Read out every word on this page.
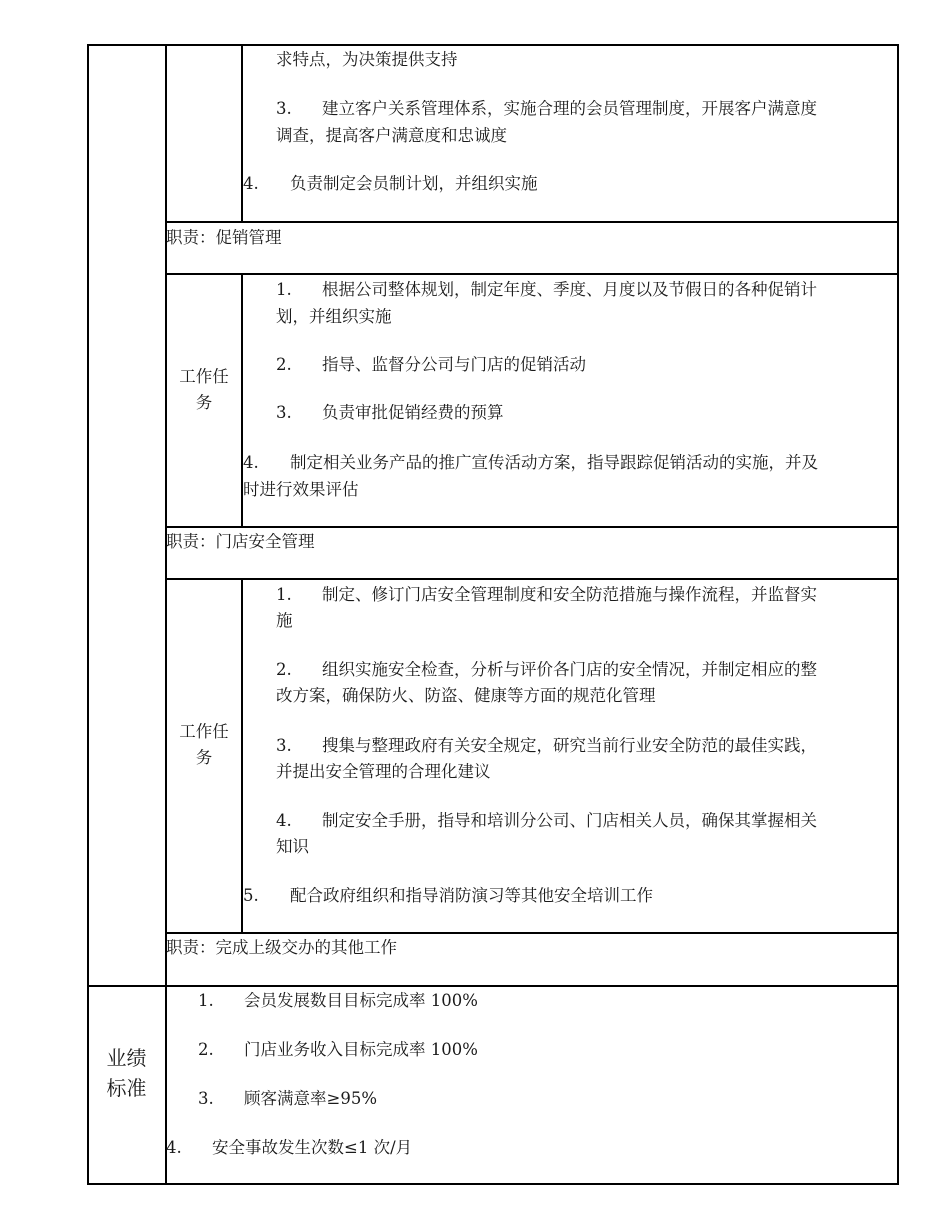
求特点，为决策提供支持
3. 建立客户关系管理体系，实施合理的会员管理制度，开展客户满意度
调查，提高客户满意度和忠诚度
4. 负责制定会员制计划，并组织实施
职责：促销管理
工作任
务
1. 根据公司整体规划，制定年度、季度、月度以及节假日的各种促销计
划，并组织实施
2. 指导、监督分公司与门店的促销活动
3. 负责审批促销经费的预算
4. 制定相关业务产品的推广宣传活动方案，指导跟踪促销活动的实施，并及
时进行效果评估
职责：门店安全管理
工作任
务
1. 制定、修订门店安全管理制度和安全防范措施与操作流程，并监督实
施
2. 组织实施安全检查，分析与评价各门店的安全情况，并制定相应的整
改方案，确保防火、防盗、健康等方面的规范化管理
3. 搜集与整理政府有关安全规定，研究当前行业安全防范的最佳实践，
并提出安全管理的合理化建议
4. 制定安全手册，指导和培训分公司、门店相关人员，确保其掌握相关
知识
5. 配合政府组织和指导消防演习等其他安全培训工作
职责：完成上级交办的其他工作
业绩
标准
1. 会员发展数目目标完成率 100%
2. 门店业务收入目标完成率 100%
3. 顾客满意率≥95%
4. 安全事故发生次数≤1 次/月
